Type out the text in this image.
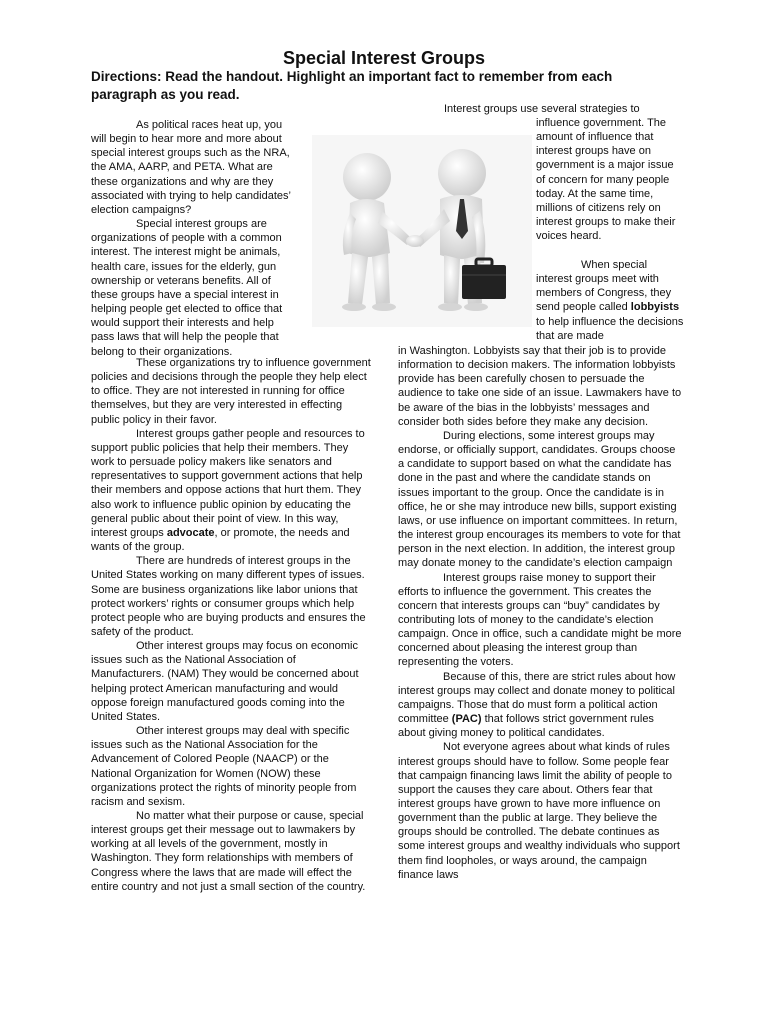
Special Interest Groups

Directions: Read the handout. Highlight an important fact to remember from each paragraph as you read.

As political races heat up, you will begin to hear more and more about special interest groups such as the NRA, the AMA, AARP, and PETA. What are these organizations and why are they associated with trying to help candidates’ election campaigns?

Special interest groups are organizations of people with a common interest. The interest might be animals, health care, issues for the elderly, gun ownership or veterans benefits. All of these groups have a special interest in helping people get elected to office that would support their interests and help pass laws that will help the people that belong to their organizations.

These organizations try to influence government policies and decisions through the people they help elect to office. They are not interested in running for office themselves, but they are very interested in effecting public policy in their favor.

Interest groups gather people and resources to support public policies that help their members. They work to persuade policy makers like senators and representatives to support government actions that help their members and oppose actions that hurt them. They also work to influence public opinion by educating the general public about their point of view. In this way, interest groups advocate, or promote, the needs and wants of the group.

There are hundreds of interest groups in the United States working on many different types of issues. Some are business organizations like labor unions that protect workers’ rights or consumer groups which help protect people who are buying products and ensures the safety of the product.

Other interest groups may focus on economic issues such as the National Association of Manufacturers. (NAM) They would be concerned about helping protect American manufacturing and would oppose foreign manufactured goods coming into the United States.

Other interest groups may deal with specific issues such as the National Association for the Advancement of Colored People (NAACP) or the National Organization for Women (NOW) these organizations protect the rights of minority people from racism and sexism.

No matter what their purpose or cause, special interest groups get their message out to lawmakers by working at all levels of the government, mostly in Washington. They form relationships with members of Congress where the laws that are made will effect the entire country and not just a small section of the country.

Interest groups use several strategies to

influence government. The amount of influence that interest groups have on government is a major issue of concern for many people today. At the same time, millions of citizens rely on interest groups to make their voices heard.

When special interest groups meet with members of Congress, they send people called lobbyists to help influence the decisions that are made

in Washington. Lobbyists say that their job is to provide information to decision makers. The information lobbyists provide has been carefully chosen to persuade the audience to take one side of an issue. Lawmakers have to be aware of the bias in the lobbyists’ messages and consider both sides before they make any decision.

During elections, some interest groups may endorse, or officially support, candidates. Groups choose a candidate to support based on what the candidate has done in the past and where the candidate stands on issues important to the group. Once the candidate is in office, he or she may introduce new bills, support existing laws, or use influence on important committees. In return, the interest group encourages its members to vote for that person in the next election. In addition, the interest group may donate money to the candidate’s election campaign

Interest groups raise money to support their efforts to influence the government. This creates the concern that interests groups can “buy” candidates by contributing lots of money to the candidate’s election campaign. Once in office, such a candidate might be more concerned about pleasing the interest group than representing the voters.

Because of this, there are strict rules about how interest groups may collect and donate money to political campaigns. Those that do must form a political action committee (PAC) that follows strict government rules about giving money to political candidates.

Not everyone agrees about what kinds of rules interest groups should have to follow. Some people fear that campaign financing laws limit the ability of people to support the causes they care about. Others fear that interest groups have grown to have more influence on government than the public at large. They believe the groups should be controlled. The debate continues as some interest groups and wealthy individuals who support them find loopholes, or ways around, the campaign finance laws
